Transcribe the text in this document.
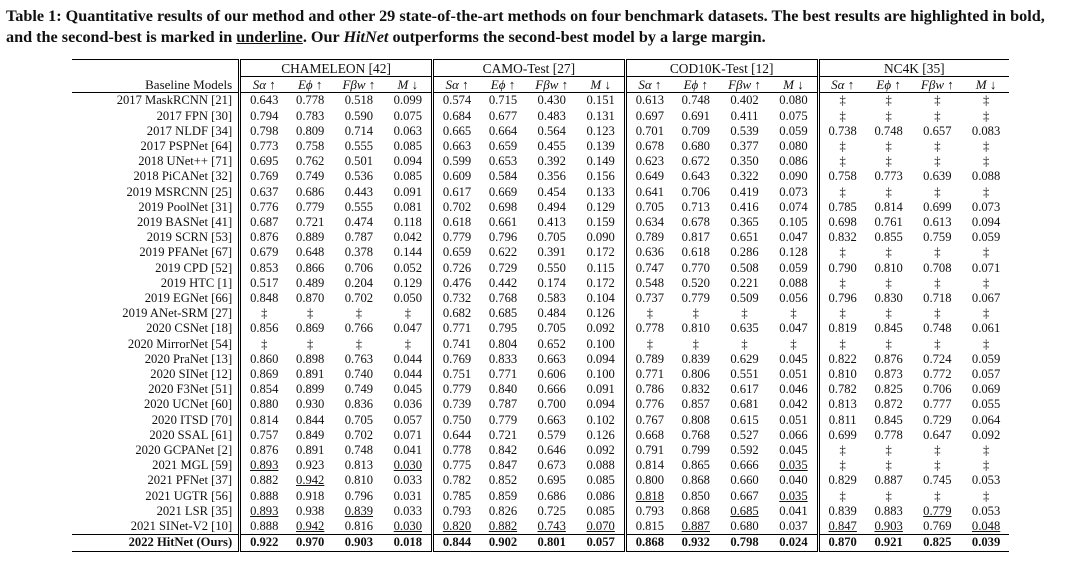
Table 1: Quantitative results of our method and other 29 state-of-the-art methods on four benchmark datasets. The best results are highlighted in bold, and the second-best is marked in underline. Our HitNet outperforms the second-best model by a large margin.
	CHAMELEON [42]				CAMO-Test [27]				COD10K-Test [12]				NC4K [35]			
Baseline Models	Sα ↑	Eϕ ↑	Fβw ↑	M ↓	Sα ↑	Eϕ ↑	Fβw ↑	M ↓	Sα ↑	Eϕ ↑	Fβw ↑	M ↓	Sα ↑	Eϕ ↑	Fβw ↑	M ↓
2017 MaskRCNN [21]	0.643	0.778	0.518	0.099	0.574	0.715	0.430	0.151	0.613	0.748	0.402	0.080	‡	‡	‡	‡
2017 FPN [30]	0.794	0.783	0.590	0.075	0.684	0.677	0.483	0.131	0.697	0.691	0.411	0.075	‡	‡	‡	‡
2017 NLDF [34]	0.798	0.809	0.714	0.063	0.665	0.664	0.564	0.123	0.701	0.709	0.539	0.059	0.738	0.748	0.657	0.083
2017 PSPNet [64]	0.773	0.758	0.555	0.085	0.663	0.659	0.455	0.139	0.678	0.680	0.377	0.080	‡	‡	‡	‡
2018 UNet++ [71]	0.695	0.762	0.501	0.094	0.599	0.653	0.392	0.149	0.623	0.672	0.350	0.086	‡	‡	‡	‡
2018 PiCANet [32]	0.769	0.749	0.536	0.085	0.609	0.584	0.356	0.156	0.649	0.643	0.322	0.090	0.758	0.773	0.639	0.088
2019 MSRCNN [25]	0.637	0.686	0.443	0.091	0.617	0.669	0.454	0.133	0.641	0.706	0.419	0.073	‡	‡	‡	‡
2019 PoolNet [31]	0.776	0.779	0.555	0.081	0.702	0.698	0.494	0.129	0.705	0.713	0.416	0.074	0.785	0.814	0.699	0.073
2019 BASNet [41]	0.687	0.721	0.474	0.118	0.618	0.661	0.413	0.159	0.634	0.678	0.365	0.105	0.698	0.761	0.613	0.094
2019 SCRN [53]	0.876	0.889	0.787	0.042	0.779	0.796	0.705	0.090	0.789	0.817	0.651	0.047	0.832	0.855	0.759	0.059
2019 PFANet [67]	0.679	0.648	0.378	0.144	0.659	0.622	0.391	0.172	0.636	0.618	0.286	0.128	‡	‡	‡	‡
2019 CPD [52]	0.853	0.866	0.706	0.052	0.726	0.729	0.550	0.115	0.747	0.770	0.508	0.059	0.790	0.810	0.708	0.071
2019 HTC [1]	0.517	0.489	0.204	0.129	0.476	0.442	0.174	0.172	0.548	0.520	0.221	0.088	‡	‡	‡	‡
2019 EGNet [66]	0.848	0.870	0.702	0.050	0.732	0.768	0.583	0.104	0.737	0.779	0.509	0.056	0.796	0.830	0.718	0.067
2019 ANet-SRM [27]	‡	‡	‡	‡	0.682	0.685	0.484	0.126	‡	‡	‡	‡	‡	‡	‡	‡
2020 CSNet [18]	0.856	0.869	0.766	0.047	0.771	0.795	0.705	0.092	0.778	0.810	0.635	0.047	0.819	0.845	0.748	0.061
2020 MirrorNet [54]	‡	‡	‡	‡	0.741	0.804	0.652	0.100	‡	‡	‡	‡	‡	‡	‡	‡
2020 PraNet [13]	0.860	0.898	0.763	0.044	0.769	0.833	0.663	0.094	0.789	0.839	0.629	0.045	0.822	0.876	0.724	0.059
2020 SINet [12]	0.869	0.891	0.740	0.044	0.751	0.771	0.606	0.100	0.771	0.806	0.551	0.051	0.810	0.873	0.772	0.057
2020 F3Net [51]	0.854	0.899	0.749	0.045	0.779	0.840	0.666	0.091	0.786	0.832	0.617	0.046	0.782	0.825	0.706	0.069
2020 UCNet [60]	0.880	0.930	0.836	0.036	0.739	0.787	0.700	0.094	0.776	0.857	0.681	0.042	0.813	0.872	0.777	0.055
2020 ITSD [70]	0.814	0.844	0.705	0.057	0.750	0.779	0.663	0.102	0.767	0.808	0.615	0.051	0.811	0.845	0.729	0.064
2020 SSAL [61]	0.757	0.849	0.702	0.071	0.644	0.721	0.579	0.126	0.668	0.768	0.527	0.066	0.699	0.778	0.647	0.092
2020 GCPANet [2]	0.876	0.891	0.748	0.041	0.778	0.842	0.646	0.092	0.791	0.799	0.592	0.045	‡	‡	‡	‡
2021 MGL [59]	0.893	0.923	0.813	0.030	0.775	0.847	0.673	0.088	0.814	0.865	0.666	0.035	‡	‡	‡	‡
2021 PFNet [37]	0.882	0.942	0.810	0.033	0.782	0.852	0.695	0.085	0.800	0.868	0.660	0.040	0.829	0.887	0.745	0.053
2021 UGTR [56]	0.888	0.918	0.796	0.031	0.785	0.859	0.686	0.086	0.818	0.850	0.667	0.035	‡	‡	‡	‡
2021 LSR [35]	0.893	0.938	0.839	0.033	0.793	0.826	0.725	0.085	0.793	0.868	0.685	0.041	0.839	0.883	0.779	0.053
2021 SINet-V2 [10]	0.888	0.942	0.816	0.030	0.820	0.882	0.743	0.070	0.815	0.887	0.680	0.037	0.847	0.903	0.769	0.048
2022 HitNet (Ours)	0.922	0.970	0.903	0.018	0.844	0.902	0.801	0.057	0.868	0.932	0.798	0.024	0.870	0.921	0.825	0.039
